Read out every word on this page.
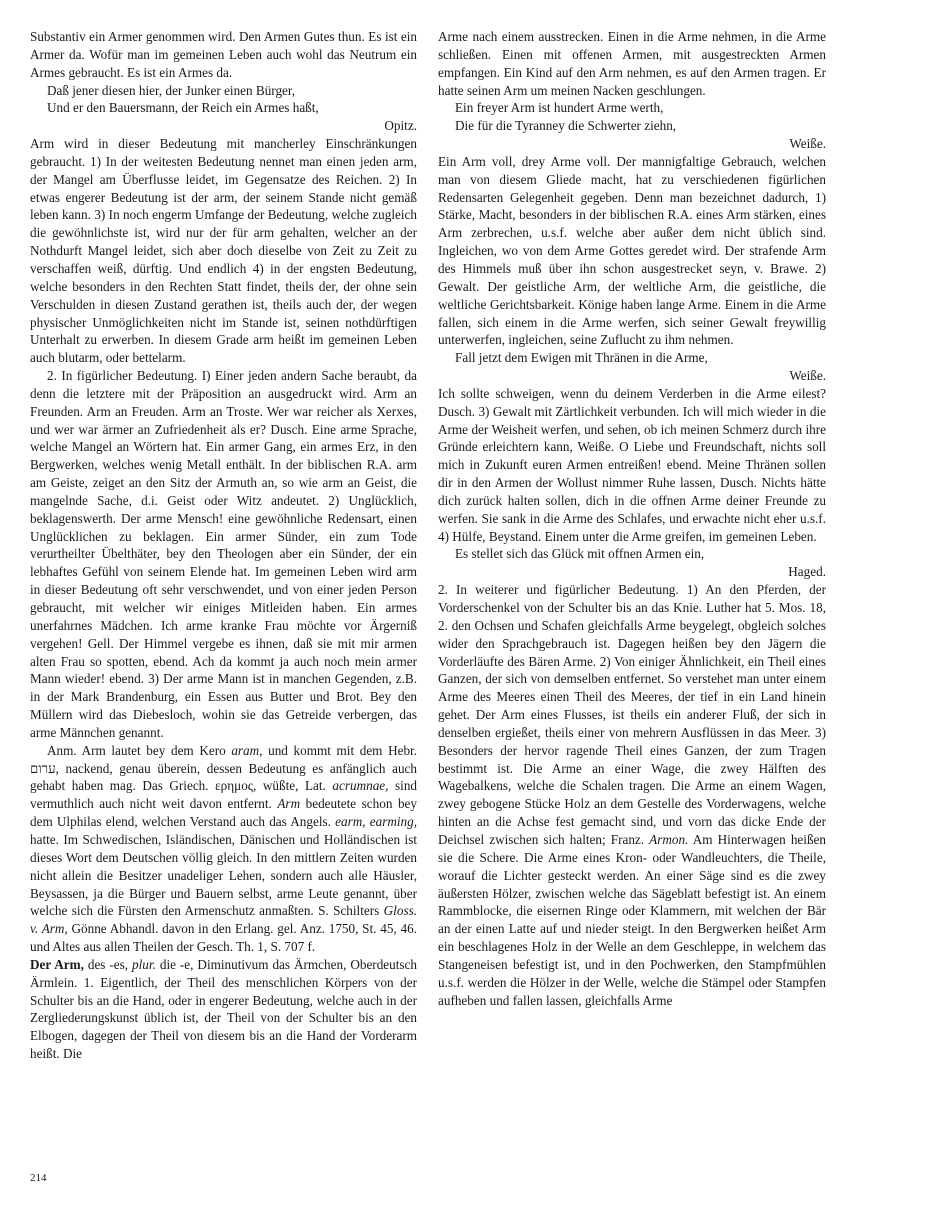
Substantiv ein Armer genommen wird. Den Armen Gutes thun. Es ist ein Armer da. Wofür man im gemeinen Leben auch wohl das Neutrum ein Armes gebraucht. Es ist ein Armes da.

Daß jener diesen hier, der Junker einen Bürger,

Und er den Bauersmann, der Reich ein Armes haßt,

Opitz.

Arm wird in dieser Bedeutung mit mancherley Einschränkungen gebraucht. 1) In der weitesten Bedeutung nennet man einen jeden arm, der Mangel am Überflusse leidet, im Gegensatze des Reichen. 2) In etwas engerer Bedeutung ist der arm, der seinem Stande nicht gemäß leben kann. 3) In noch engerm Umfange der Bedeutung, welche zugleich die gewöhnlichste ist, wird nur der für arm gehalten, welcher an der Nothdurft Mangel leidet, sich aber doch dieselbe von Zeit zu Zeit zu verschaffen weiß, dürftig. Und endlich 4) in der engsten Bedeutung, welche besonders in den Rechten Statt findet, theils der, der ohne sein Verschulden in diesen Zustand gerathen ist, theils auch der, der wegen physischer Unmöglichkeiten nicht im Stande ist, seinen nothdürftigen Unterhalt zu erwerben. In diesem Grade arm heißt im gemeinen Leben auch blutarm, oder bettelarm.

2. In figürlicher Bedeutung. I) Einer jeden andern Sache beraubt, da denn die letztere mit der Präposition an ausgedruckt wird. Arm an Freunden. Arm an Freuden. Arm an Troste. Wer war reicher als Xerxes, und wer war ärmer an Zufriedenheit als er? Dusch. Eine arme Sprache, welche Mangel an Wörtern hat. Ein armer Gang, ein armes Erz, in den Bergwerken, welches wenig Metall enthält. In der biblischen R.A. arm am Geiste, zeiget an den Sitz der Armuth an, so wie arm an Geist, die mangelnde Sache, d.i. Geist oder Witz andeutet. 2) Unglücklich, beklagenswerth. Der arme Mensch! eine gewöhnliche Redensart, einen Unglücklichen zu beklagen. Ein armer Sünder, ein zum Tode verurtheilter Übelthäter, bey den Theologen aber ein Sünder, der ein lebhaftes Gefühl von seinem Elende hat. Im gemeinen Leben wird arm in dieser Bedeutung oft sehr verschwendet, und von einer jeden Person gebraucht, mit welcher wir einiges Mitleiden haben. Ein armes unerfahrnes Mädchen. Ich arme kranke Frau möchte vor Ärgerniß vergehen! Gell. Der Himmel vergebe es ihnen, daß sie mit mir armen alten Frau so spotten, ebend. Ach da kommt ja auch noch mein armer Mann wieder! ebend. 3) Der arme Mann ist in manchen Gegenden, z.B. in der Mark Brandenburg, ein Essen aus Butter und Brot. Bey den Müllern wird das Diebesloch, wohin sie das Getreide verbergen, das arme Männchen genannt.

Anm. Arm lautet bey dem Kero aram, und kommt mit dem Hebr. ערום, nackend, genau überein, dessen Bedeutung es anfänglich auch gehabt haben mag. Das Griech. ερημος, wüßte, Lat. acrumnae, sind vermuthlich auch nicht weit davon entfernt. Arm bedeutete schon bey dem Ulphilas elend, welchen Verstand auch das Angels. earm, earming, hatte. Im Schwedischen, Isländischen, Dänischen und Holländischen ist dieses Wort dem Deutschen völlig gleich. In den mittlern Zeiten wurden nicht allein die Besitzer unadeliger Lehen, sondern auch alle Häusler, Beysassen, ja die Bürger und Bauern selbst, arme Leute genannt, über welche sich die Fürsten den Armenschutz anmaßten. S. Schilters Gloss. v. Arm, Gönne Abhandl. davon in den Erlang. gel. Anz. 1750, St. 45, 46. und Altes aus allen Theilen der Gesch. Th. 1, S. 707 f.

Der Arm, des -es, plur. die -e, Diminutivum das Ärmchen, Oberdeutsch Ärmlein. 1. Eigentlich, der Theil des menschlichen Körpers von der Schulter bis an die Hand, oder in engerer Bedeutung, welche auch in der Zergliederungskunst üblich ist, der Theil von der Schulter bis an den Elbogen, dagegen der Theil von diesem bis an die Hand der Vorderarm heißt. Die

Arme nach einem ausstrecken. Einen in die Arme nehmen, in die Arme schließen. Einen mit offenen Armen, mit ausgestreckten Armen empfangen. Ein Kind auf den Arm nehmen, es auf den Armen tragen. Er hatte seinen Arm um meinen Nacken geschlungen.

Ein freyer Arm ist hundert Arme werth,

Die für die Tyranney die Schwerter ziehn,

Weiße.

Ein Arm voll, drey Arme voll. Der mannigfaltige Gebrauch, welchen man von diesem Gliede macht, hat zu verschiedenen figürlichen Redensarten Gelegenheit gegeben. Denn man bezeichnet dadurch, 1) Stärke, Macht, besonders in der biblischen R.A. eines Arm stärken, eines Arm zerbrechen, u.s.f. welche aber außer dem nicht üblich sind. Ingleichen, wo von dem Arme Gottes geredet wird. Der strafende Arm des Himmels muß über ihn schon ausgestrecket seyn, v. Brawe. 2) Gewalt. Der geistliche Arm, der weltliche Arm, die geistliche, die weltliche Gerichtsbarkeit. Könige haben lange Arme. Einem in die Arme fallen, sich einem in die Arme werfen, sich seiner Gewalt freywillig unterwerfen, ingleichen, seine Zuflucht zu ihm nehmen.

Fall jetzt dem Ewigen mit Thränen in die Arme,

Weiße.

Ich sollte schweigen, wenn du deinem Verderben in die Arme eilest? Dusch. 3) Gewalt mit Zärtlichkeit verbunden. Ich will mich wieder in die Arme der Weisheit werfen, und sehen, ob ich meinen Schmerz durch ihre Gründe erleichtern kann, Weiße. O Liebe und Freundschaft, nichts soll mich in Zukunft euren Armen entreißen! ebend. Meine Thränen sollen dir in den Armen der Wollust nimmer Ruhe lassen, Dusch. Nichts hätte dich zurück halten sollen, dich in die offnen Arme deiner Freunde zu werfen. Sie sank in die Arme des Schlafes, und erwachte nicht eher u.s.f. 4) Hülfe, Beystand. Einem unter die Arme greifen, im gemeinen Leben.

Es stellet sich das Glück mit offnen Armen ein,

Haged.

2. In weiterer und figürlicher Bedeutung. 1) An den Pferden, der Vorderschenkel von der Schulter bis an das Knie. Luther hat 5. Mos. 18, 2. den Ochsen und Schafen gleichfalls Arme beygelegt, obgleich solches wider den Sprachgebrauch ist. Dagegen heißen bey den Jägern die Vorderläufte des Bären Arme. 2) Von einiger Ähnlichkeit, ein Theil eines Ganzen, der sich von demselben entfernet. So verstehet man unter einem Arme des Meeres einen Theil des Meeres, der tief in ein Land hinein gehet. Der Arm eines Flusses, ist theils ein anderer Fluß, der sich in denselben ergießet, theils einer von mehrern Ausflüssen in das Meer. 3) Besonders der hervor ragende Theil eines Ganzen, der zum Tragen bestimmt ist. Die Arme an einer Wage, die zwey Hälften des Wagebalkens, welche die Schalen tragen. Die Arme an einem Wagen, zwey gebogene Stücke Holz an dem Gestelle des Vorderwagens, welche hinten an die Achse fest gemacht sind, und vorn das dicke Ende der Deichsel zwischen sich halten; Franz. Armon. Am Hinterwagen heißen sie die Schere. Die Arme eines Kron- oder Wandleuchters, die Theile, worauf die Lichter gesteckt werden. An einer Säge sind es die zwey äußersten Hölzer, zwischen welche das Sägeblatt befestigt ist. An einem Rammblocke, die eisernen Ringe oder Klammern, mit welchen der Bär an der einen Latte auf und nieder steigt. In den Bergwerken heißet Arm ein beschlagenes Holz in der Welle an dem Geschleppe, in welchem das Stangeneisen befestigt ist, und in den Pochwerken, den Stampfmühlen u.s.f. werden die Hölzer in der Welle, welche die Stämpel oder Stampfen aufheben und fallen lassen, gleichfalls Arme

214
